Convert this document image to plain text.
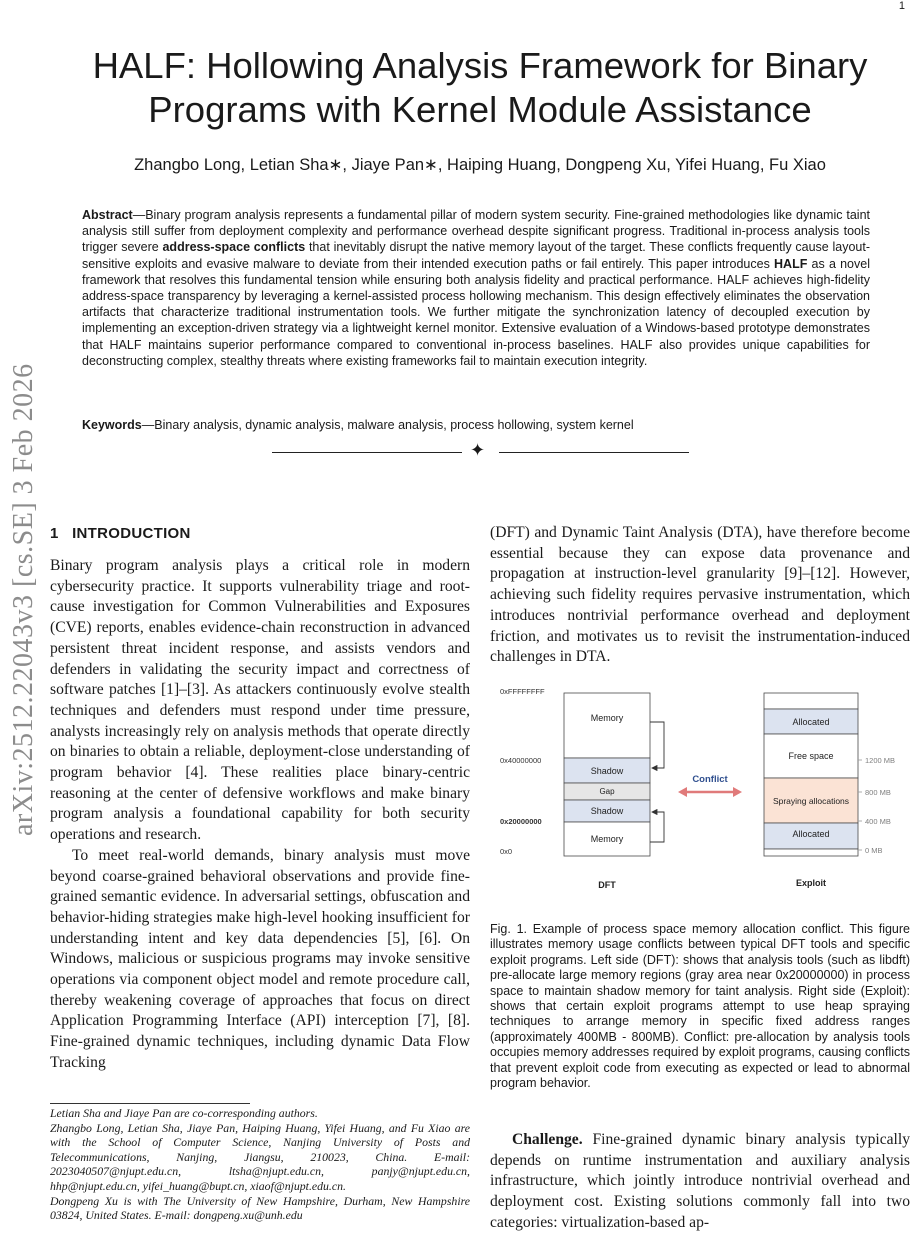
1
arXiv:2512.22043v3 [cs.SE] 3 Feb 2026
HALF: Hollowing Analysis Framework for Binary Programs with Kernel Module Assistance
Zhangbo Long, Letian Sha∗, Jiaye Pan∗, Haiping Huang, Dongpeng Xu, Yifei Huang, Fu Xiao
Abstract—Binary program analysis represents a fundamental pillar of modern system security. Fine-grained methodologies like dynamic taint analysis still suffer from deployment complexity and performance overhead despite significant progress. Traditional in-process analysis tools trigger severe address-space conflicts that inevitably disrupt the native memory layout of the target. These conflicts frequently cause layout-sensitive exploits and evasive malware to deviate from their intended execution paths or fail entirely. This paper introduces HALF as a novel framework that resolves this fundamental tension while ensuring both analysis fidelity and practical performance. HALF achieves high-fidelity address-space transparency by leveraging a kernel-assisted process hollowing mechanism. This design effectively eliminates the observation artifacts that characterize traditional instrumentation tools. We further mitigate the synchronization latency of decoupled execution by implementing an exception-driven strategy via a lightweight kernel monitor. Extensive evaluation of a Windows-based prototype demonstrates that HALF maintains superior performance compared to conventional in-process baselines. HALF also provides unique capabilities for deconstructing complex, stealthy threats where existing frameworks fail to maintain execution integrity.
Keywords—Binary analysis, dynamic analysis, malware analysis, process hollowing, system kernel
✦
1 INTRODUCTION

Binary program analysis plays a critical role in modern cybersecurity practice. It supports vulnerability triage and root-cause investigation for Common Vulnerabilities and Exposures (CVE) reports, enables evidence-chain reconstruction in advanced persistent threat incident response, and assists vendors and defenders in validating the security impact and correctness of software patches [1]–[3]. As attackers continuously evolve stealth techniques and defenders must respond under time pressure, analysts increasingly rely on analysis methods that operate directly on binaries to obtain a reliable, deployment-close understanding of program behavior [4]. These realities place binary-centric reasoning at the center of defensive workflows and make binary program analysis a foundational capability for both security operations and research.

To meet real-world demands, binary analysis must move beyond coarse-grained behavioral observations and provide fine-grained semantic evidence. In adversarial settings, obfuscation and behavior-hiding strategies make high-level hooking insufficient for understanding intent and key data dependencies [5], [6]. On Windows, malicious or suspicious programs may invoke sensitive operations via component object model and remote procedure call, thereby weakening coverage of approaches that focus on direct Application Programming Interface (API) interception [7], [8]. Fine-grained dynamic techniques, including dynamic Data Flow Tracking

Letian Sha and Jiaye Pan are co-corresponding authors.

Zhangbo Long, Letian Sha, Jiaye Pan, Haiping Huang, Yifei Huang, and Fu Xiao are with the School of Computer Science, Nanjing University of Posts and Telecommunications, Nanjing, Jiangsu, 210023, China. E-mail: 2023040507@njupt.edu.cn, ltsha@njupt.edu.cn, panjy@njupt.edu.cn, hhp@njupt.edu.cn, yifei_huang@bupt.cn, xiaof@njupt.edu.cn.

Dongpeng Xu is with The University of New Hampshire, Durham, New Hampshire 03824, United States. E-mail: dongpeng.xu@unh.edu

(DFT) and Dynamic Taint Analysis (DTA), have therefore become essential because they can expose data provenance and propagation at instruction-level granularity [9]–[12]. However, achieving such fidelity requires pervasive instrumentation, which introduces nontrivial performance overhead and deployment friction, and motivates us to revisit the instrumentation-induced challenges in DTA.

0xFFFFFFFF
0x40000000
0x20000000
0x0
Memory
Shadow
Gap
Shadow
Memory
DFT
Conflict
Allocated
Free space
Spraying allocations
Allocated
1200 MB
800 MB
400 MB
0 MB
Exploit
Fig. 1. Example of process space memory allocation conflict. This figure illustrates memory usage conflicts between typical DFT tools and specific exploit programs. Left side (DFT): shows that analysis tools (such as libdft) pre-allocate large memory regions (gray area near 0x20000000) in process space to maintain shadow memory for taint analysis. Right side (Exploit): shows that certain exploit programs attempt to use heap spraying techniques to arrange memory in specific fixed address ranges (approximately 400MB - 800MB). Conflict: pre-allocation by analysis tools occupies memory addresses required by exploit programs, causing conflicts that prevent exploit code from executing as expected or lead to abnormal program behavior.

Challenge. Fine-grained dynamic binary analysis typically depends on runtime instrumentation and auxiliary analysis infrastructure, which jointly introduce nontrivial overhead and deployment cost. Existing solutions commonly fall into two categories: virtualization-based ap-
